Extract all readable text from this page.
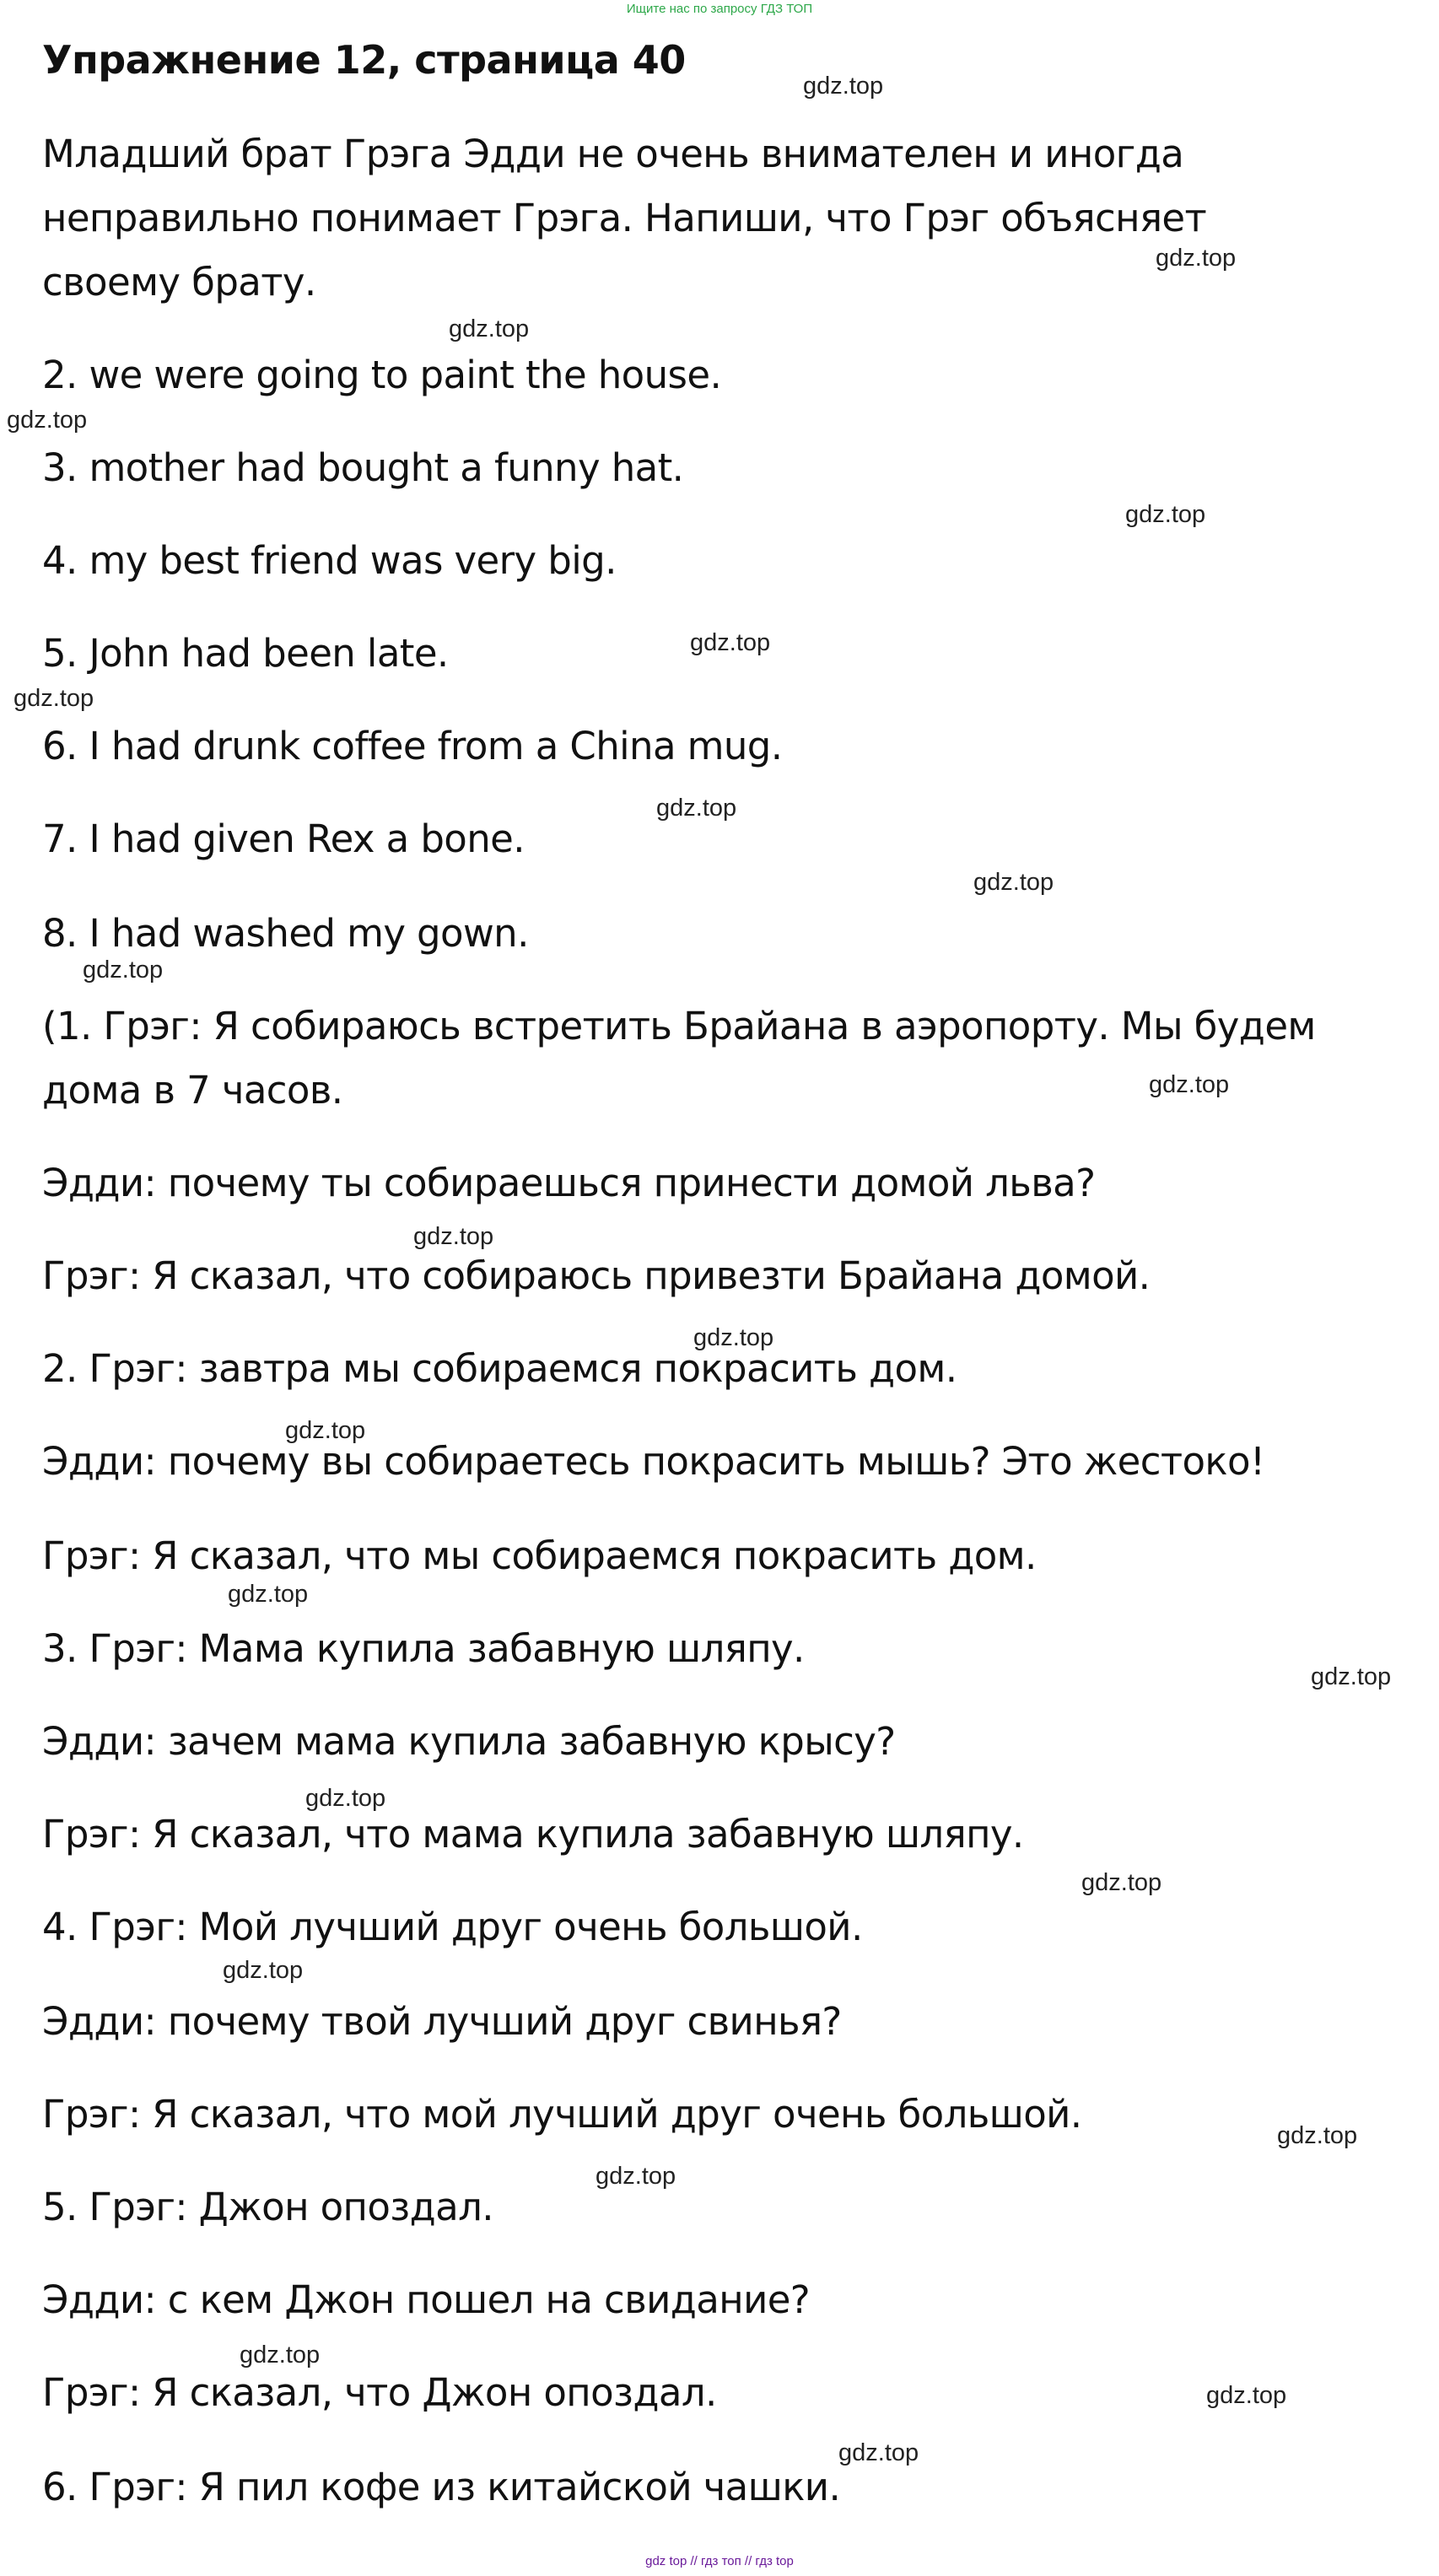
Ищите нас по запросу ГДЗ ТОП
Упражнение 12, страница 40

Младший брат Грэга Эдди не очень внимателен и иногда

неправильно понимает Грэга. Напиши, что Грэг объясняет

своему брату.

2. we were going to paint the house.

3. mother had bought a funny hat.

4. my best friend was very big.

5. John had been late.

6. I had drunk coffee from a China mug.

7. I had given Rex a bone.

8. I had washed my gown.

(1. Грэг: Я собираюсь встретить Брайана в аэропорту. Мы будем

дома в 7 часов.

Эдди: почему ты собираешься принести домой льва?

Грэг: Я сказал, что собираюсь привезти Брайана домой.

2. Грэг: завтра мы собираемся покрасить дом.

Эдди: почему вы собираетесь покрасить мышь? Это жестоко!

Грэг: Я сказал, что мы собираемся покрасить дом.

3. Грэг: Мама купила забавную шляпу.

Эдди: зачем мама купила забавную крысу?

Грэг: Я сказал, что мама купила забавную шляпу.

4. Грэг: Мой лучший друг очень большой.

Эдди: почему твой лучший друг свинья?

Грэг: Я сказал, что мой лучший друг очень большой.

5. Грэг: Джон опоздал.

Эдди: с кем Джон пошел на свидание?

Грэг: Я сказал, что Джон опоздал.

6. Грэг: Я пил кофе из китайской чашки.

gdz.top
gdz.top
gdz.top
gdz.top
gdz.top
gdz.top
gdz.top
gdz.top
gdz.top
gdz.top
gdz.top
gdz.top
gdz.top
gdz.top
gdz.top
gdz.top
gdz.top
gdz.top
gdz.top
gdz.top
gdz.top
gdz.top
gdz.top
gdz.top
gdz top // гдз топ // гдз top
